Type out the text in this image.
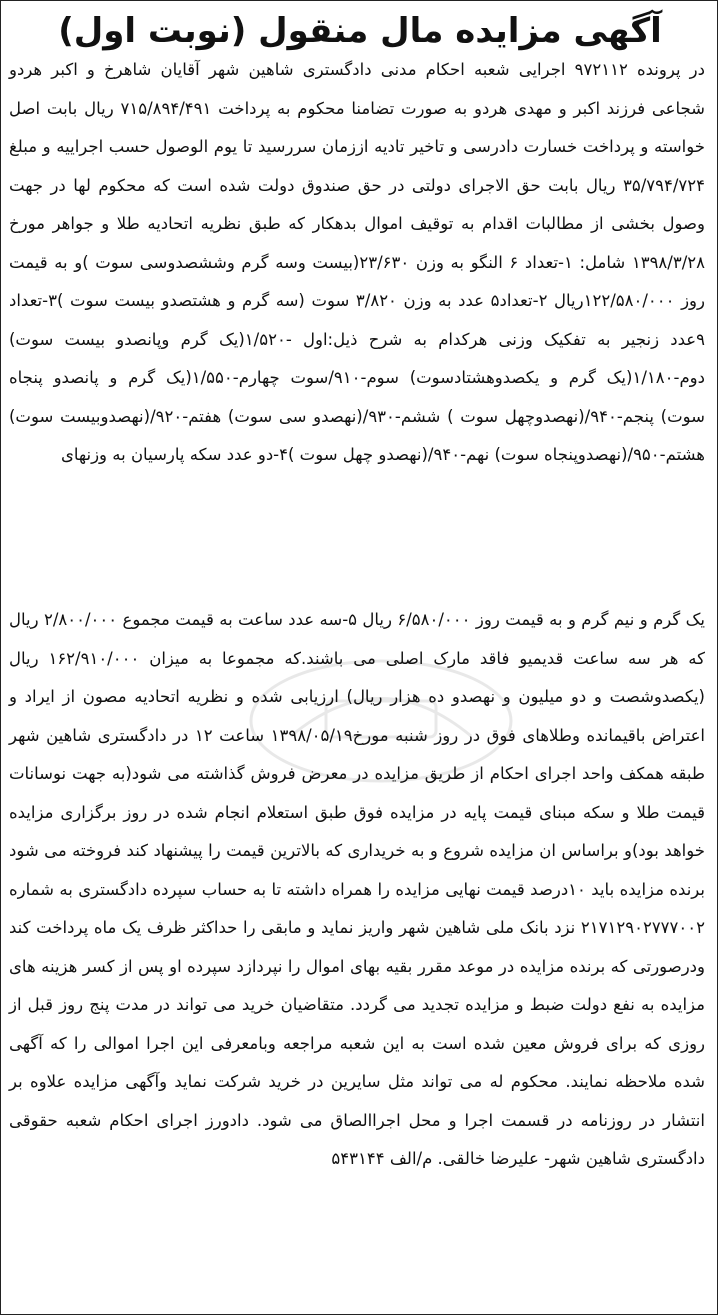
آگهی مزایده مال منقول (نوبت اول)
در پرونده ۹۷۲۱۱۲ اجرایی شعبه احکام مدنی دادگستری شاهین شهر آقایان شاهرخ و اکبر هردو شجاعی فرزند اکبر و مهدی هردو به صورت تضامنا محکوم به پرداخت ۷۱۵/۸۹۴/۴۹۱ ریال بابت اصل خواسته و پرداخت خسارت دادرسی و تاخیر تادیه اززمان سررسید تا یوم الوصول حسب اجراییه و مبلغ ۳۵/۷۹۴/۷۲۴ ریال بابت حق الاجرای دولتی در حق صندوق دولت شده است که محکوم لها در جهت وصول بخشی از مطالبات اقدام به توقیف اموال بدهکار که طبق نظریه اتحادیه طلا و جواهر مورخ ۱۳۹۸/۳/۲۸ شامل: ۱-تعداد ۶ النگو به وزن ۲۳/۶۳۰(بیست وسه گرم وششصدوسی سوت )و به قیمت روز ۱۲۲/۵۸۰/۰۰۰ریال ۲-تعداد۵ عدد به وزن ۳/۸۲۰ سوت (سه گرم و هشتصدو بیست سوت )۳-تعداد ۹عدد زنجیر به تفکیک وزنی هرکدام به شرح ذیل:اول -۱/۵۲۰(یک گرم وپانصدو بیست سوت) دوم-۱/۱۸۰(یک گرم و یکصدوهشتادسوت) سوم-۹۱۰/سوت چهارم-۱/۵۵۰(یک گرم و پانصدو پنجاه سوت) پنجم-۹۴۰/(نهصدوچهل سوت ) ششم-۹۳۰/(نهصدو سی سوت) هفتم-۹۲۰/(نهصدوبیست سوت) هشتم-۹۵۰/(نهصدوپنجاه سوت) نهم-۹۴۰/(نهصدو چهل سوت )۴-دو عدد سکه پارسیان به وزنهای
یک گرم و نیم گرم و به قیمت روز ۶/۵۸۰/۰۰۰ ریال ۵-سه عدد ساعت به قیمت مجموع ۲/۸۰۰/۰۰۰ ریال که هر سه ساعت قدیمیو فاقد مارک اصلی می باشند.که مجموعا به میزان ۱۶۲/۹۱۰/۰۰۰ ریال (یکصدوشصت و دو میلیون و نهصدو ده هزار ریال) ارزیابی شده و نظریه اتحادیه مصون از ایراد و اعتراض باقیمانده وطلاهای فوق در روز شنبه مورخ۱۳۹۸/۰۵/۱۹ ساعت ۱۲ در دادگستری شاهین شهر طبقه همکف واحد اجرای احکام از طریق مزایده در معرض فروش گذاشته می شود(به جهت نوسانات قیمت طلا و سکه مبنای قیمت پایه در مزایده فوق طبق استعلام انجام شده در روز برگزاری مزایده خواهد بود)و براساس ان مزایده شروع و به خریداری که بالاترین قیمت را پیشنهاد کند فروخته می شود برنده مزایده باید ۱۰درصد قیمت نهایی مزایده را همراه داشته تا به حساب سپرده دادگستری به شماره ۲۱۷۱۲۹۰۲۷۷۷۰۰۲ نزد بانک ملی شاهین شهر واریز نماید و مابقی را حداکثر ظرف یک ماه پرداخت کند ودرصورتی که برنده مزایده در موعد مقرر بقیه بهای اموال را نپردازد سپرده او پس از کسر هزینه های مزایده به نفع دولت ضبط و مزایده تجدید می گردد. متقاضیان خرید می تواند در مدت پنج روز قبل از روزی که برای فروش معین شده است به این شعبه مراجعه وبامعرفی این اجرا اموالی را که آگهی شده ملاحظه نمایند. محکوم له می تواند مثل سایرین در خرید شرکت نماید وآگهی مزایده علاوه بر انتشار در روزنامه در قسمت اجرا و محل اجراالصاق می شود. دادورز اجرای احکام شعبه حقوقی دادگستری شاهین شهر- علیرضا خالقی. م/الف ۵۴۳۱۴۴
